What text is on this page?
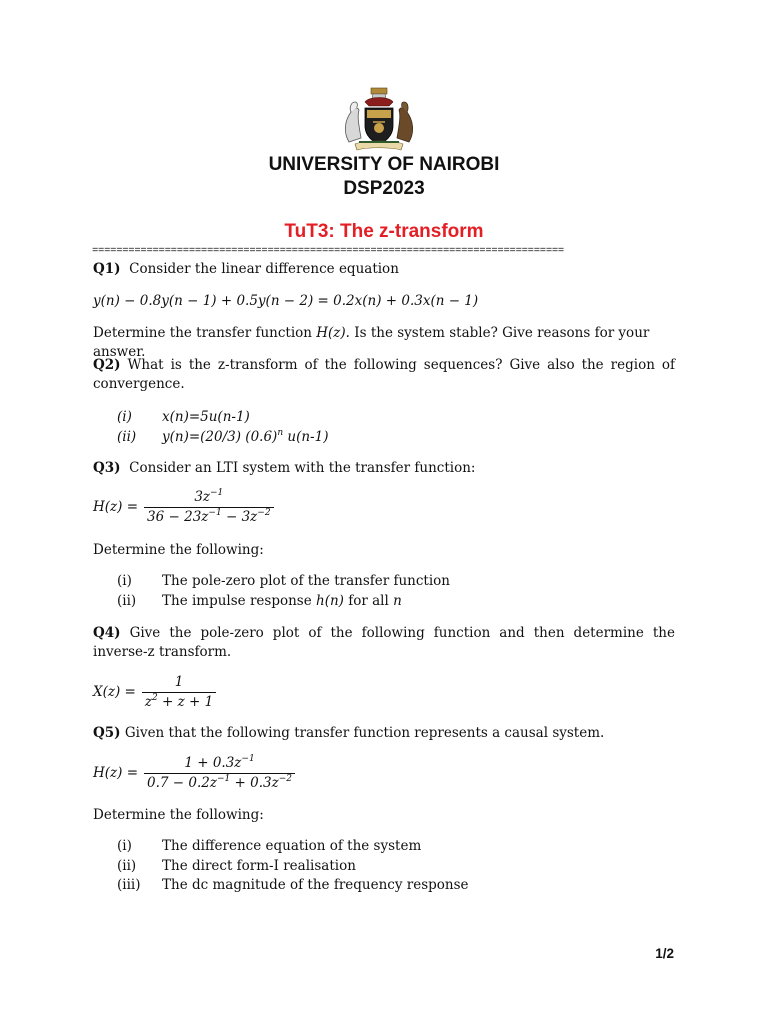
UNIVERSITY OF NAIROBI
DSP2023
TuT3: The z-transform
==============================================================================
Q1) Consider the linear difference equation
y(n) − 0.8y(n − 1) + 0.5y(n − 2) = 0.2x(n) + 0.3x(n − 1)
Determine the transfer function H(z). Is the system stable? Give reasons for your answer.
Q2) What is the z-transform of the following sequences? Give also the region of convergence.
(i) x(n)=5u(n-1)
(ii) y(n)=(20/3) $(0.6)^n$ u(n-1)
Q3) Consider an LTI system with the transfer function:
$H(z) = \frac{3z^{-1}}{36 - 23z^{-1} - 3z^{-2}}$
Determine the following:
(i) The pole-zero plot of the transfer function
(ii) The impulse response h(n) for all n
Q4) Give the pole-zero plot of the following function and then determine the inverse-z transform.
$X(z) = \frac{1}{z^2 + z + 1}$
Q5) Given that the following transfer function represents a causal system.
$H(z) = \frac{1 + 0.3z^{-1}}{0.7 - 0.2z^{-1} + 0.3z^{-2}}$
Determine the following:
(i) The difference equation of the system
(ii) The direct form-I realisation
(iii) The dc magnitude of the frequency response
1/2
